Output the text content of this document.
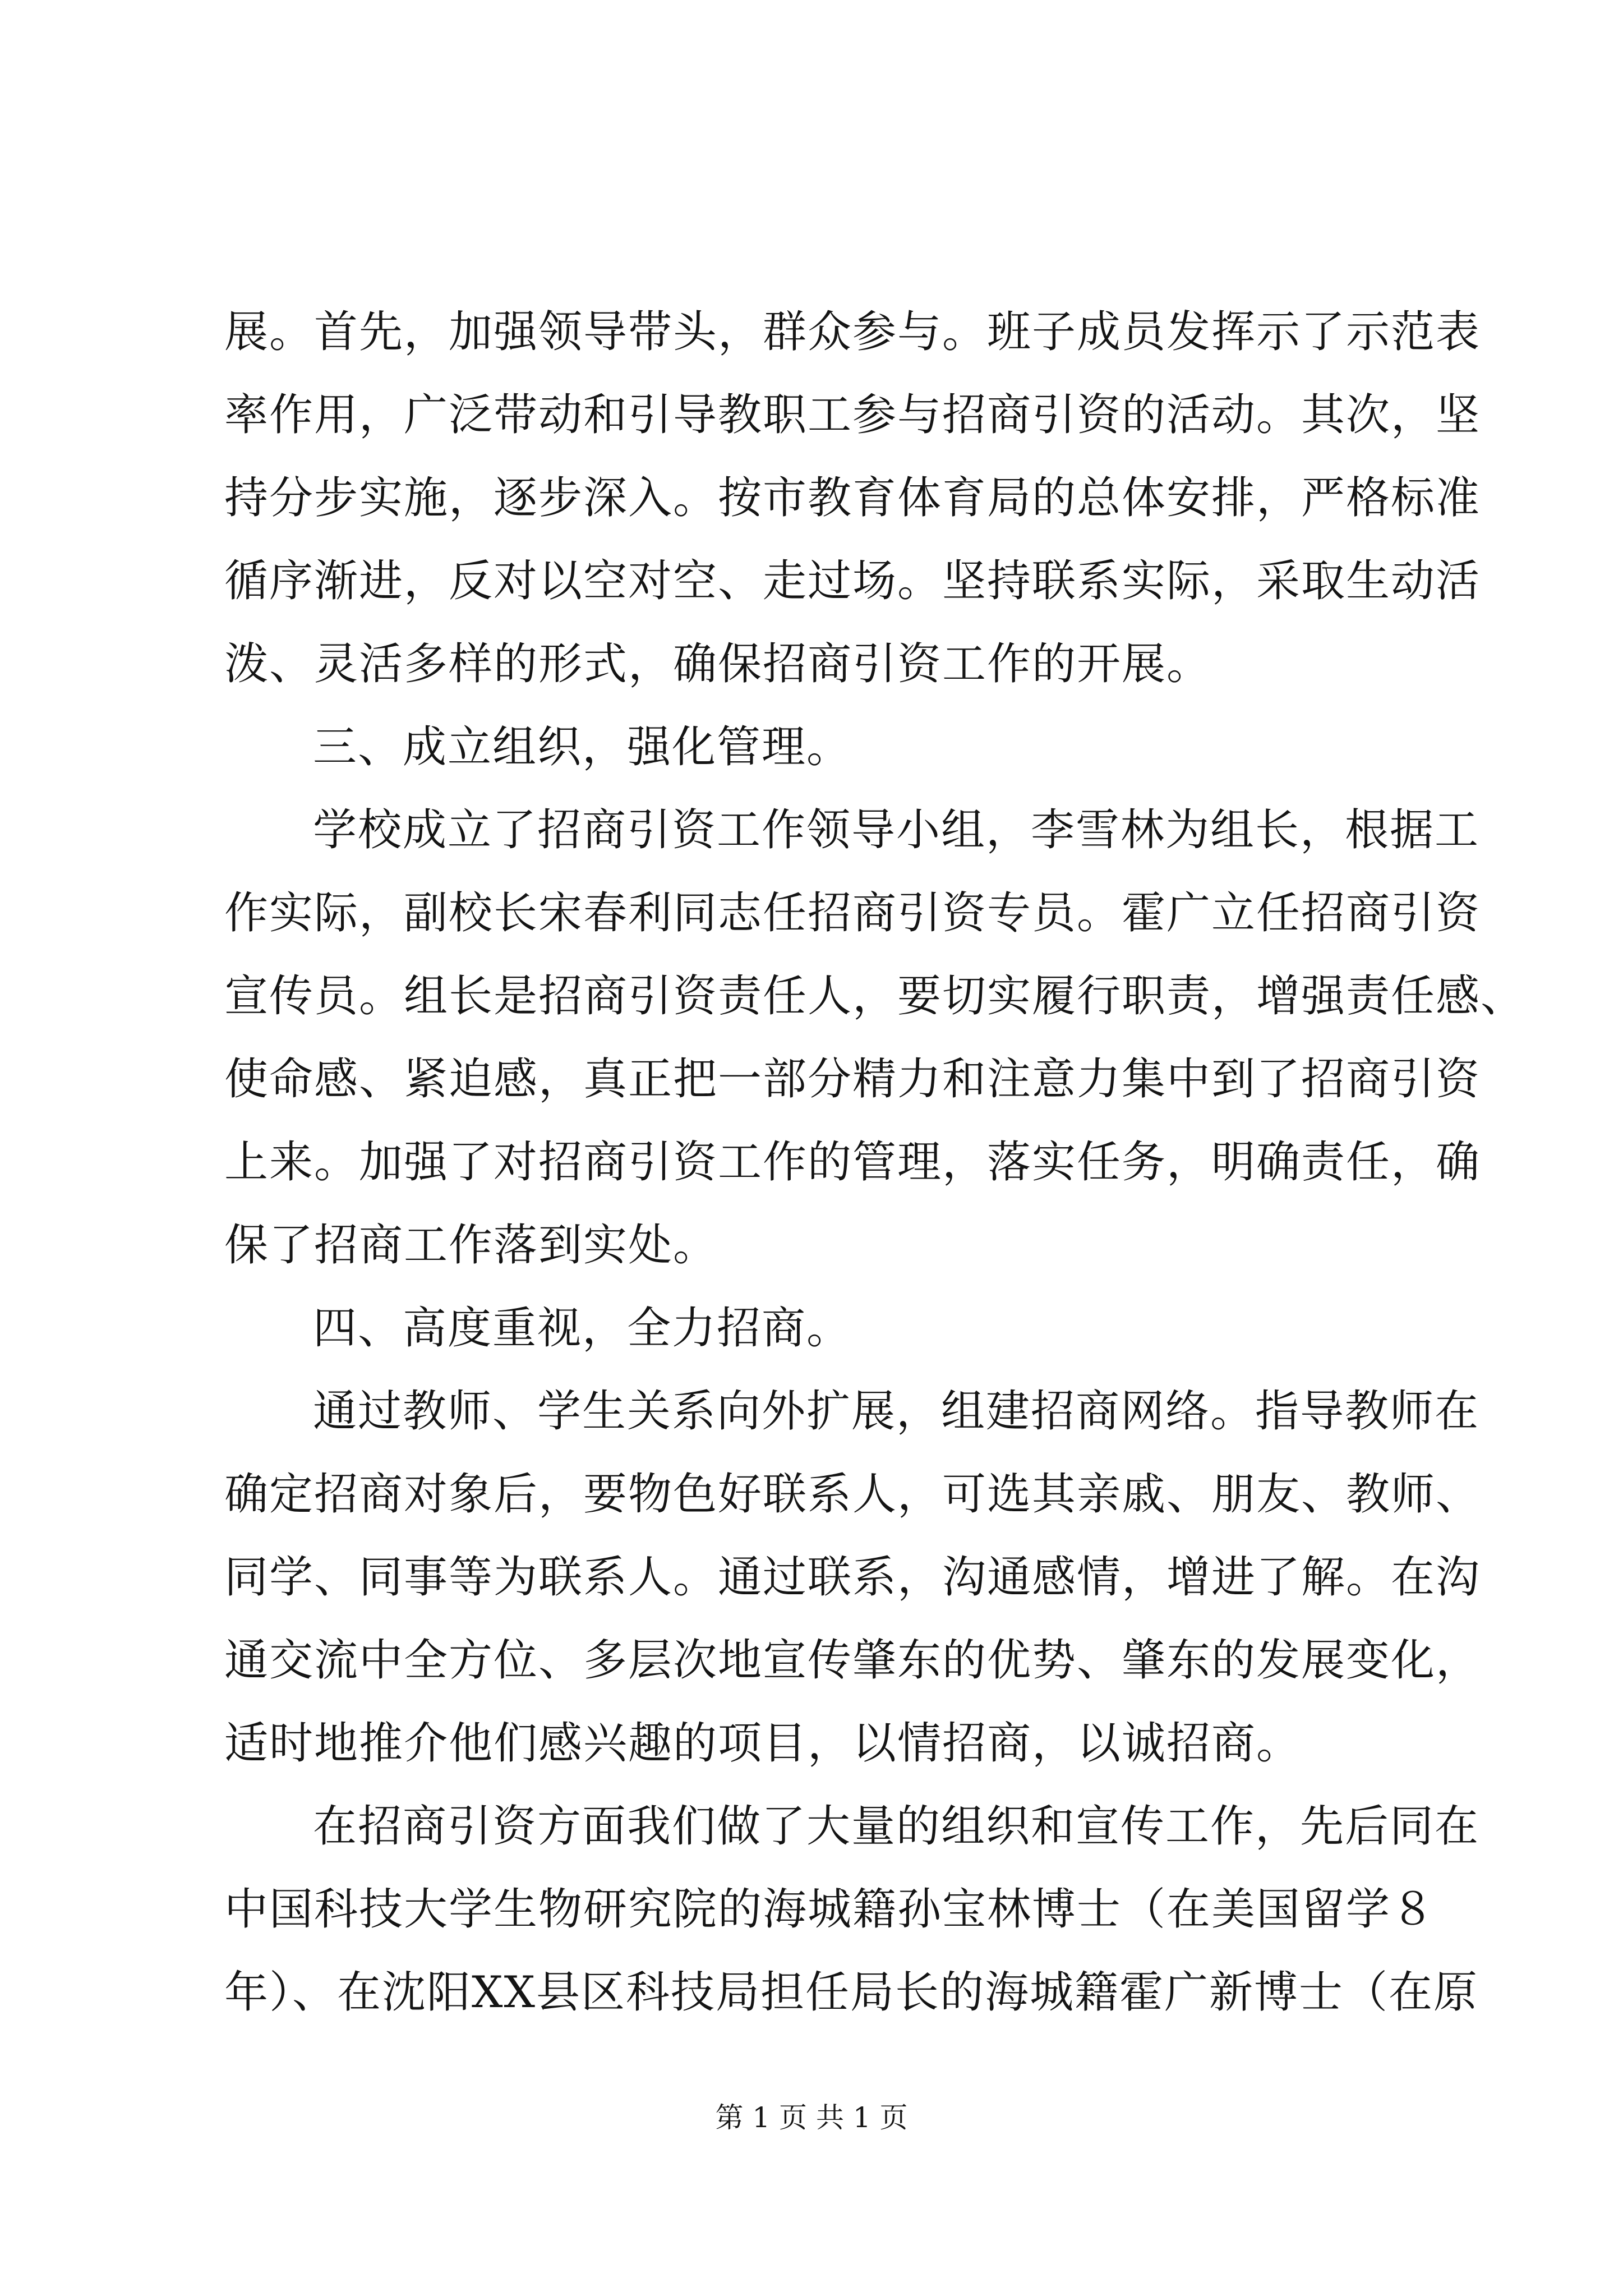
展。首先，加强领导带头，群众参与。班子成员发挥示了示范表
率作用，广泛带动和引导教职工参与招商引资的活动。其次，坚
持分步实施，逐步深入。按市教育体育局的总体安排，严格标准
循序渐进，反对以空对空、走过场。坚持联系实际，采取生动活
泼、灵活多样的形式，确保招商引资工作的开展。
三、成立组织，强化管理。
学校成立了招商引资工作领导小组，李雪林为组长，根据工
作实际，副校长宋春利同志任招商引资专员。霍广立任招商引资
宣传员。组长是招商引资责任人，要切实履行职责，增强责任感、
使命感、紧迫感，真正把一部分精力和注意力集中到了招商引资
上来。加强了对招商引资工作的管理，落实任务，明确责任，确
保了招商工作落到实处。
四、高度重视，全力招商。
通过教师、学生关系向外扩展，组建招商网络。指导教师在
确定招商对象后，要物色好联系人，可选其亲戚、朋友、教师、
同学、同事等为联系人。通过联系，沟通感情，增进了解。在沟
通交流中全方位、多层次地宣传肇东的优势、肇东的发展变化，
适时地推介他们感兴趣的项目，以情招商，以诚招商。
在招商引资方面我们做了大量的组织和宣传工作，先后同在
中国科技大学生物研究院的海城籍孙宝林博士（在美国留学８
年）、在沈阳XX县区科技局担任局长的海城籍霍广新博士（在原
第 1 页 共 1 页
